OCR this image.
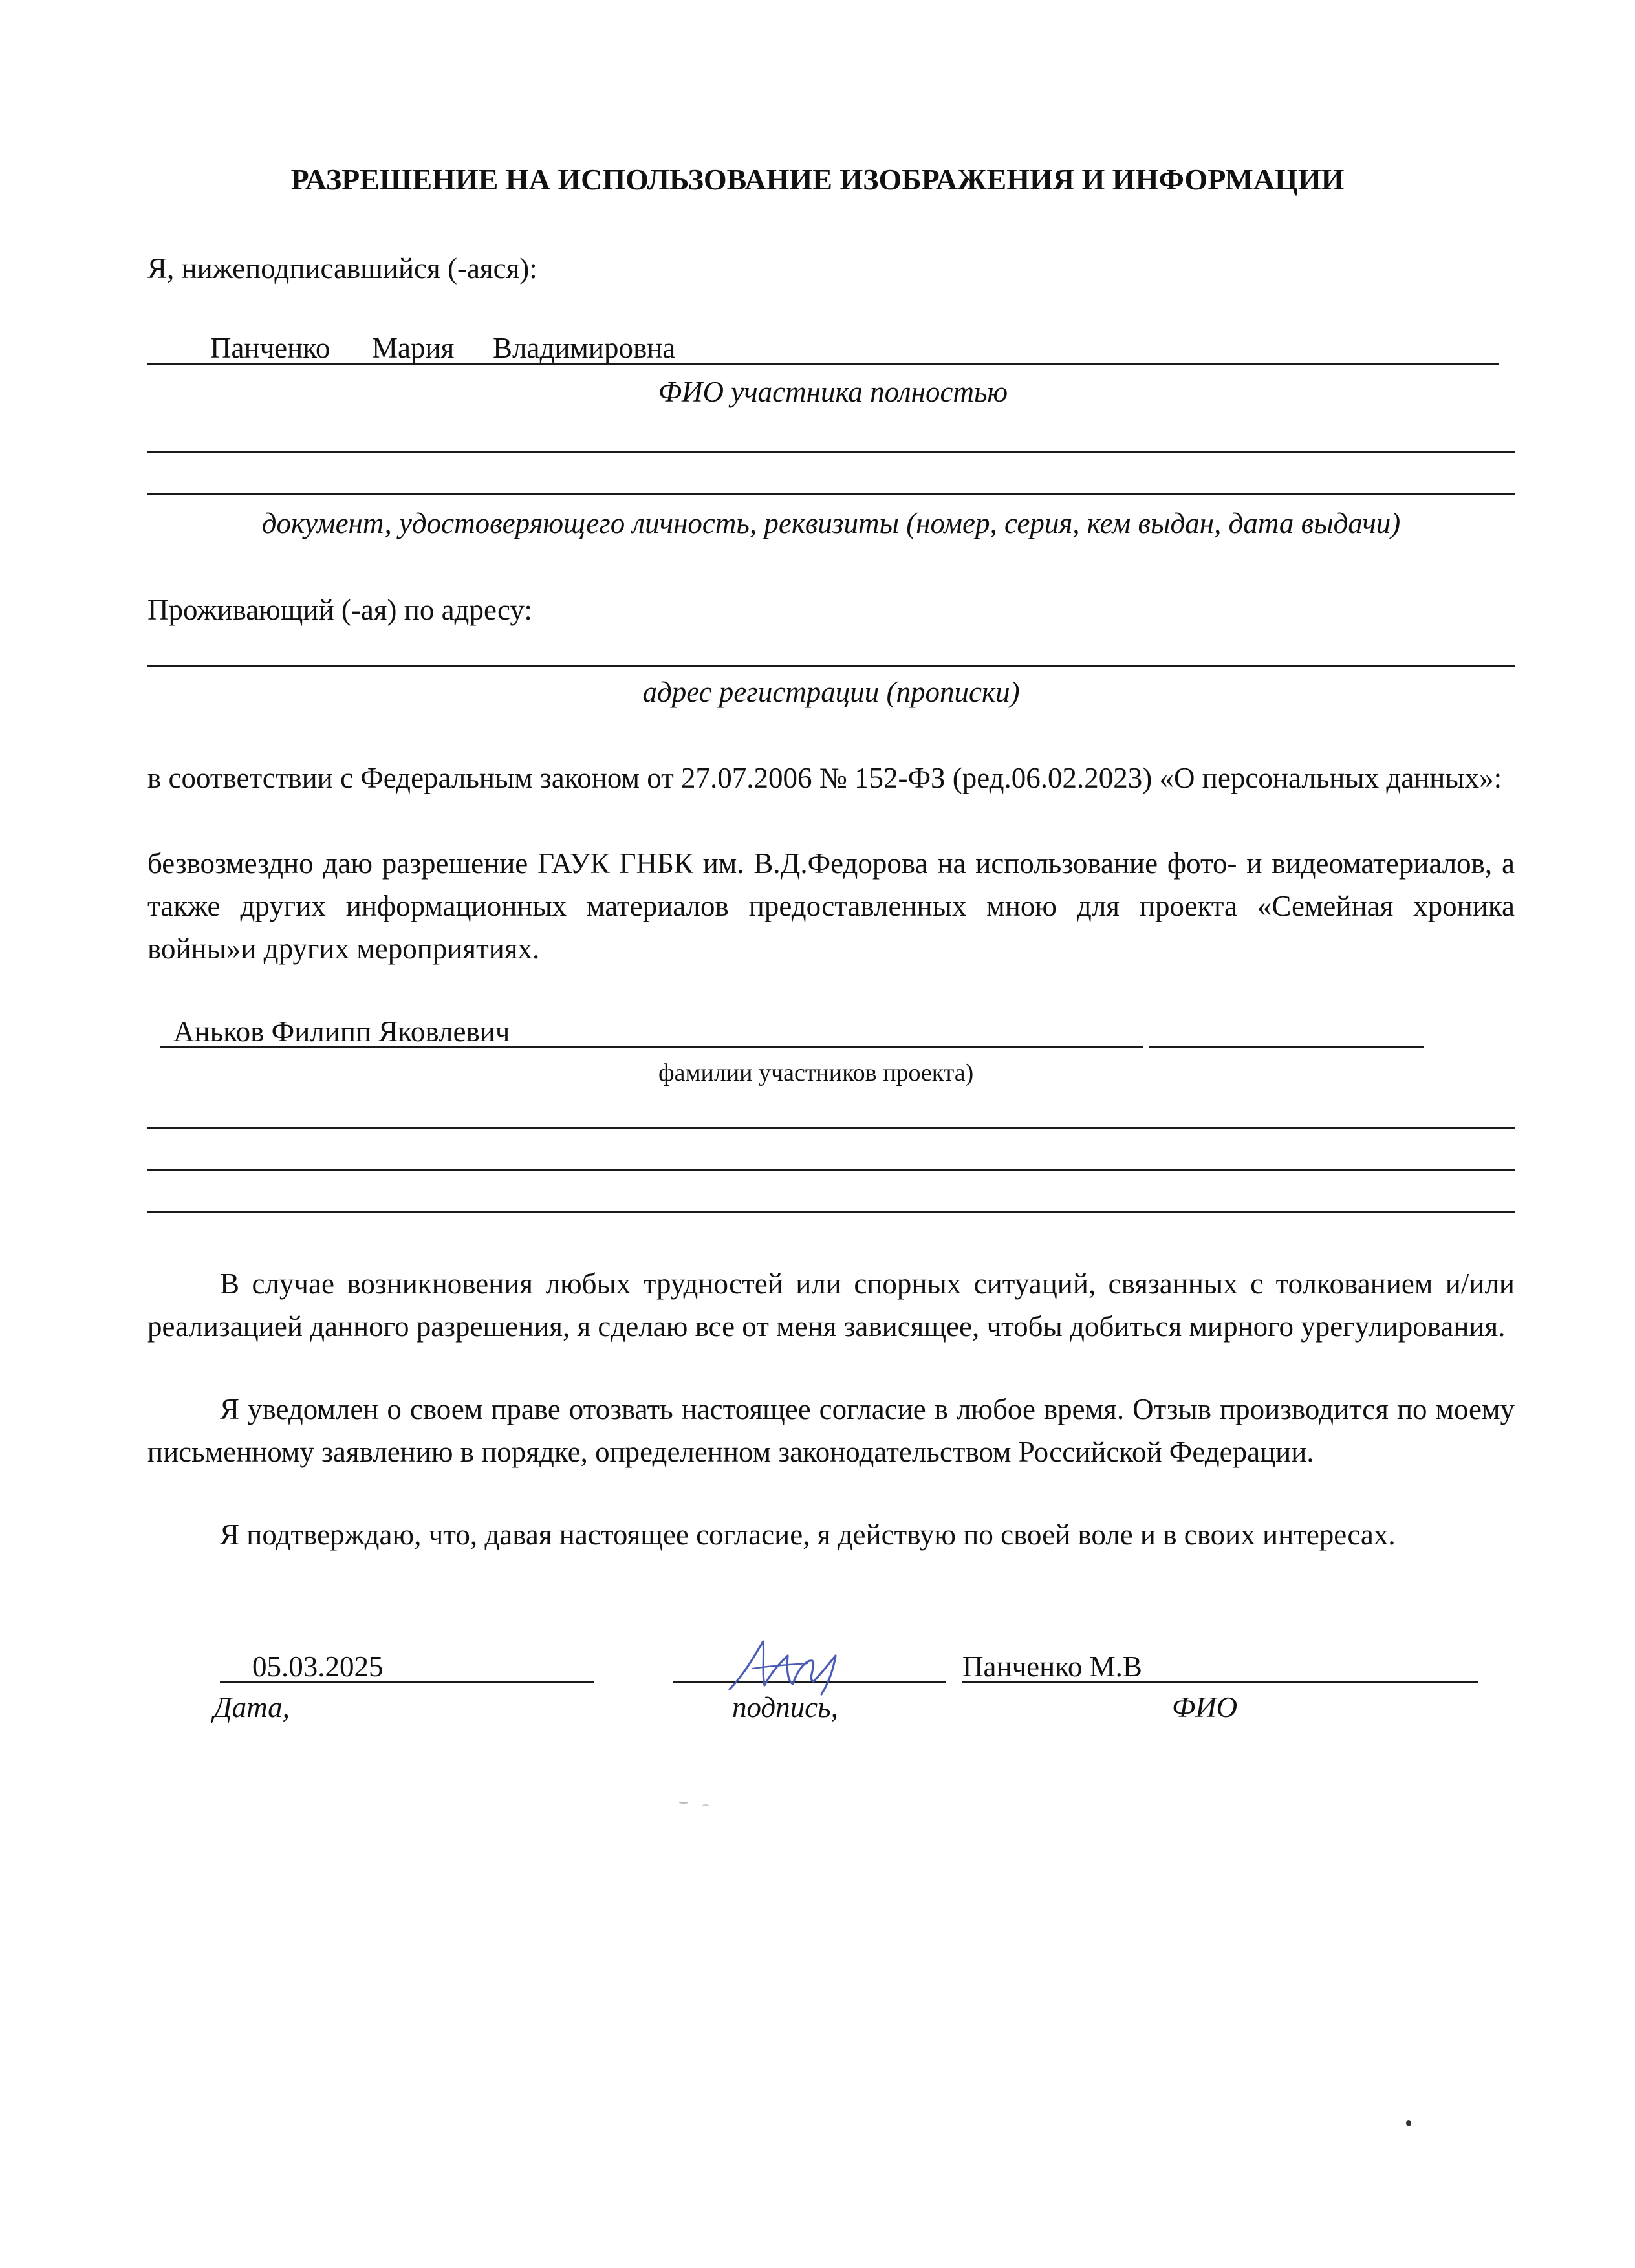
РАЗРЕШЕНИЕ НА ИСПОЛЬЗОВАНИЕ ИЗОБРАЖЕНИЯ И ИНФОРМАЦИИ
Я, нижеподписавшийся (-аяся):
Панченко Мария Владимировна
ФИО участника полностью
документ, удостоверяющего личность, реквизиты (номер, серия, кем выдан, дата выдачи)
Проживающий (-ая) по адресу:
адрес регистрации (прописки)
в соответствии с Федеральным законом от 27.07.2006 № 152-ФЗ (ред.06.02.2023) «О персональных данных»:
безвозмездно даю разрешение ГАУК ГНБК им. В.Д.Федорова на использование фото- и видеоматериалов, а также других информационных материалов предоставленных мною для проекта «Семейная хроника войны»и других мероприятиях.
Аньков Филипп Яковлевич
фамилии участников проекта)
В случае возникновения любых трудностей или спорных ситуаций, связанных с толкованием и/или реализацией данного разрешения, я сделаю все от меня зависящее, чтобы добиться мирного урегулирования.
Я уведомлен о своем праве отозвать настоящее согласие в любое время. Отзыв производится по моему письменному заявлению в порядке, определенном законодательством Российской Федерации.
Я подтверждаю, что, давая настоящее согласие, я действую по своей воле и в своих интересах.
05.03.2025
Дата,	подпись,
Панченко М.В
ФИО
